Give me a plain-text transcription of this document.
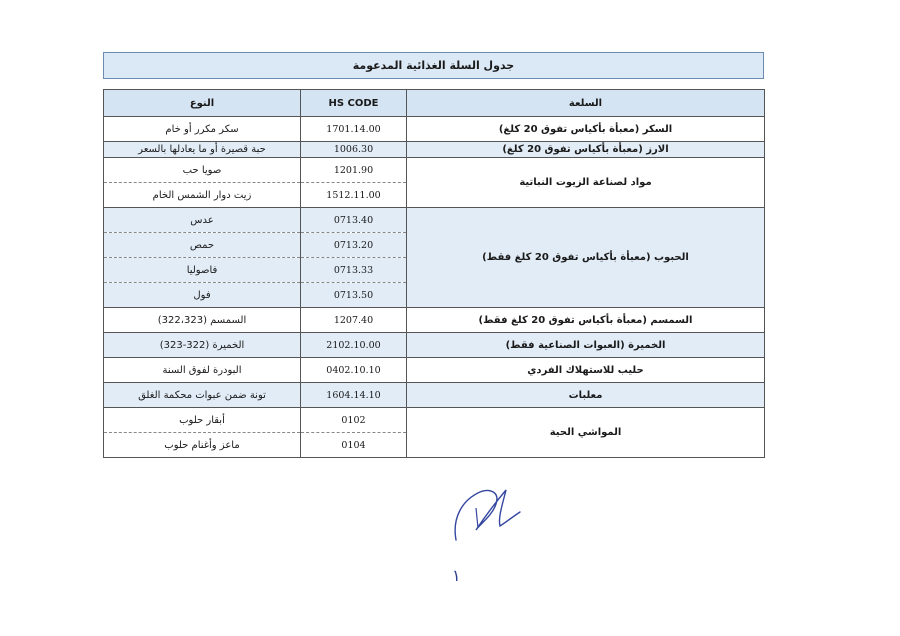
جدول السلة الغذائية المدعومة
النوع	HS CODE	السلعة
سكر مكرر أو خام	1701.14.00	السكر (معبأة بأكياس تفوق 20 كلغ)
حبة قصيرة أو ما يعادلها بالسعر	1006.30	الارز (معبأة بأكياس تفوق 20 كلغ)
صويا حب	1201.90	مواد لصناعة الزيوت النباتية
زيت دوار الشمس الخام	1512.11.00	
عدس	0713.40	الحبوب (معبأة بأكياس تفوق 20 كلغ فقط)
حمص	0713.20	
فاصوليا	0713.33	
فول	0713.50	
السمسم (322،323)	1207.40	السمسم (معبأة بأكياس تفوق 20 كلغ فقط)
الخميرة (322-323)	2102.10.00	الخميرة (العبوات الصناعية فقط)
البودرة لفوق السنة	0402.10.10	حليب للاستهلاك الفردي
تونة ضمن عبوات محكمة الغلق	1604.14.10	معلبات
أبقار حلوب	0102	المواشي الحية
ماعز وأغنام حلوب	0104	
١
